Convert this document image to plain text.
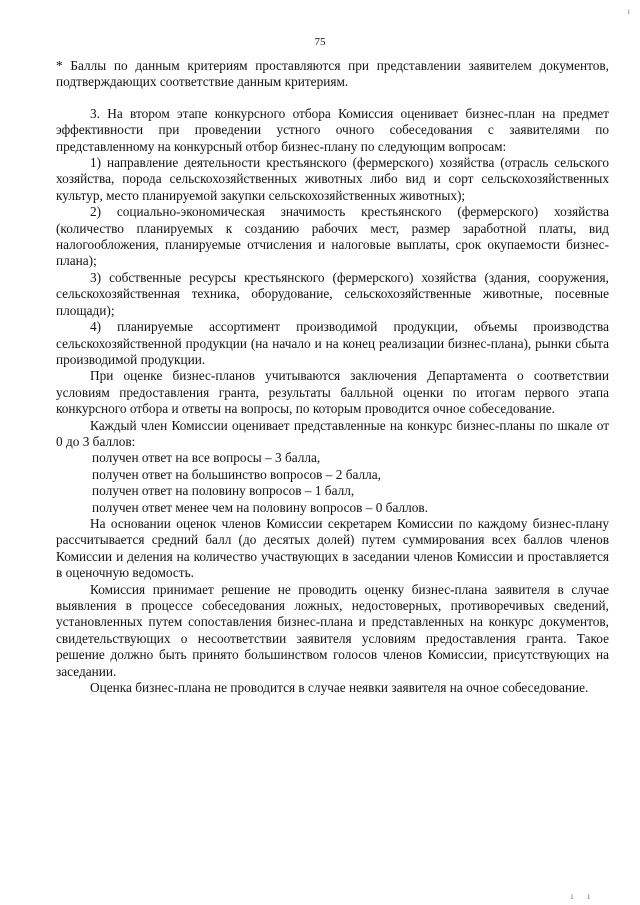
ı
75

* Баллы по данным критериям проставляются при представлении заявителем документов, подтверждающих соответствие данным критериям.

3. На втором этапе конкурсного отбора Комиссия оценивает бизнес-план на предмет эффективности при проведении устного очного собеседования с заявителями по представленному на конкурсный отбор бизнес-плану по следующим вопросам:

1) направление деятельности крестьянского (фермерского) хозяйства (отрасль сельского хозяйства, порода сельскохозяйственных животных либо вид и сорт сельскохозяйственных культур, место планируемой закупки сельскохозяйственных животных);

2) социально-экономическая значимость крестьянского (фермерского) хозяйства (количество планируемых к созданию рабочих мест, размер заработной платы, вид налогообложения, планируемые отчисления и налоговые выплаты, срок окупаемости бизнес-плана);

3) собственные ресурсы крестьянского (фермерского) хозяйства (здания, сооружения, сельскохозяйственная техника, оборудование, сельскохозяйственные животные, посевные площади);

4) планируемые ассортимент производимой продукции, объемы производства сельскохозяйственной продукции (на начало и на конец реализации бизнес-плана), рынки сбыта производимой продукции.

При оценке бизнес-планов учитываются заключения Департамента о соответствии условиям предоставления гранта, результаты балльной оценки по итогам первого этапа конкурсного отбора и ответы на вопросы, по которым проводится очное собеседование.

Каждый член Комиссии оценивает представленные на конкурс бизнес-планы по шкале от 0 до 3 баллов:

получен ответ на все вопросы – 3 балла,

получен ответ на большинство вопросов – 2 балла,

получен ответ на половину вопросов – 1 балл,

получен ответ менее чем на половину вопросов – 0 баллов.

На основании оценок членов Комиссии секретарем Комиссии по каждому бизнес-плану рассчитывается средний балл (до десятых долей) путем суммирования всех баллов членов Комиссии и деления на количество участвующих в заседании членов Комиссии и проставляется в оценочную ведомость.

Комиссия принимает решение не проводить оценку бизнес-плана заявителя в случае выявления в процессе собеседования ложных, недостоверных, противоречивых сведений, установленных путем сопоставления бизнес-плана и представленных на конкурс документов, свидетельствующих о несоответствии заявителя условиям предоставления гранта. Такое решение должно быть принято большинством голосов членов Комиссии, присутствующих на заседании.

Оценка бизнес-плана не проводится в случае неявки заявителя на очное собеседование.

ı ı
